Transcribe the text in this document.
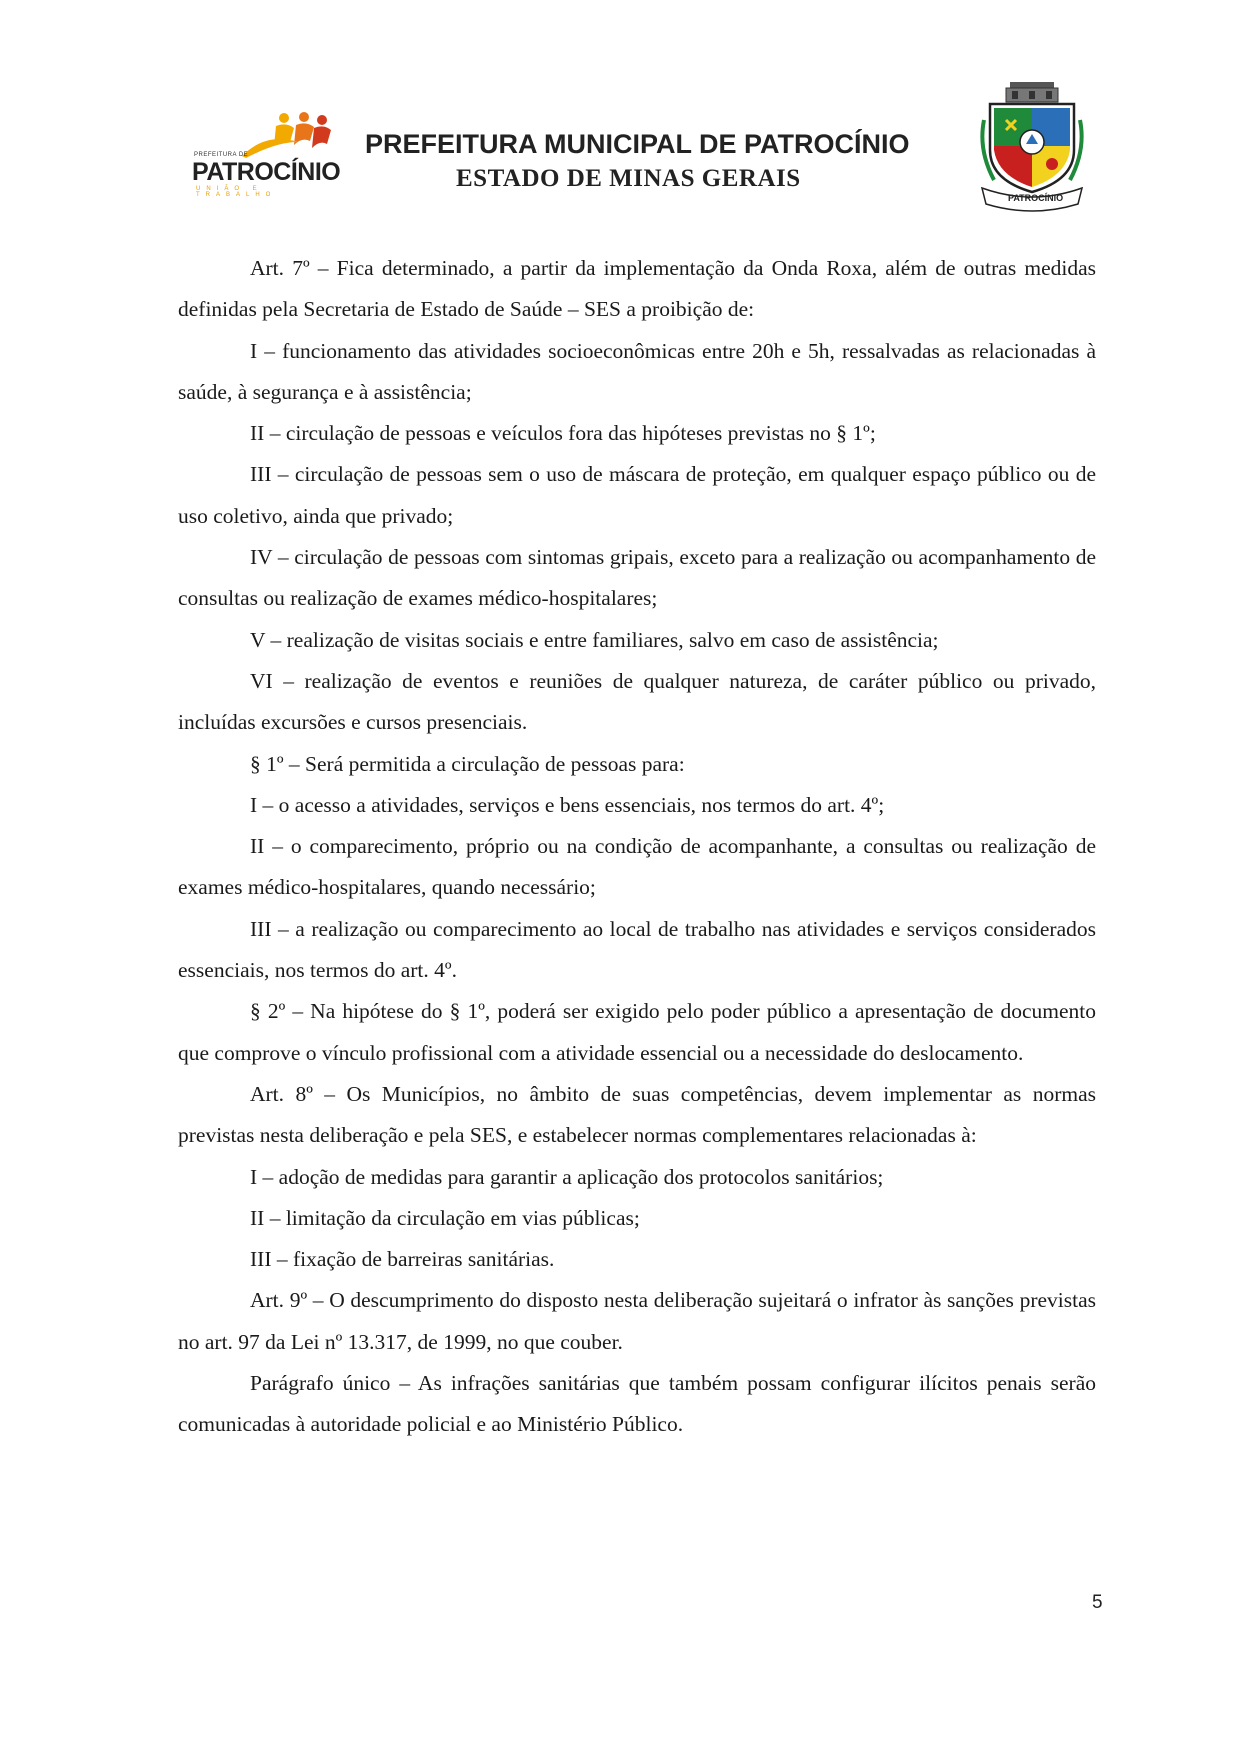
PREFEITURA DE
PATROCÍNIO
UNIÃO E TRABALHO
PREFEITURA MUNICIPAL DE PATROCÍNIO
ESTADO DE MINAS GERAIS
PATROCÍNIO

Art. 7º – Fica determinado, a partir da implementação da Onda Roxa, além de outras medidas definidas pela Secretaria de Estado de Saúde – SES a proibição de:

I – funcionamento das atividades socioeconômicas entre 20h e 5h, ressalvadas as relacionadas à saúde, à segurança e à assistência;

II – circulação de pessoas e veículos fora das hipóteses previstas no § 1º;

III – circulação de pessoas sem o uso de máscara de proteção, em qualquer espaço público ou de uso coletivo, ainda que privado;

IV – circulação de pessoas com sintomas gripais, exceto para a realização ou acompanhamento de consultas ou realização de exames médico-hospitalares;

V – realização de visitas sociais e entre familiares, salvo em caso de assistência;

VI – realização de eventos e reuniões de qualquer natureza, de caráter público ou privado, incluídas excursões e cursos presenciais.

§ 1º – Será permitida a circulação de pessoas para:

I – o acesso a atividades, serviços e bens essenciais, nos termos do art. 4º;

II – o comparecimento, próprio ou na condição de acompanhante, a consultas ou realização de exames médico-hospitalares, quando necessário;

III – a realização ou comparecimento ao local de trabalho nas atividades e serviços considerados essenciais, nos termos do art. 4º.

§ 2º – Na hipótese do § 1º, poderá ser exigido pelo poder público a apresentação de documento que comprove o vínculo profissional com a atividade essencial ou a necessidade do deslocamento.

Art. 8º – Os Municípios, no âmbito de suas competências, devem implementar as normas previstas nesta deliberação e pela SES, e estabelecer normas complementares relacionadas à:

I – adoção de medidas para garantir a aplicação dos protocolos sanitários;

II – limitação da circulação em vias públicas;

III – fixação de barreiras sanitárias.

Art. 9º – O descumprimento do disposto nesta deliberação sujeitará o infrator às sanções previstas no art. 97 da Lei nº 13.317, de 1999, no que couber.

Parágrafo único – As infrações sanitárias que também possam configurar ilícitos penais serão comunicadas à autoridade policial e ao Ministério Público.

5
